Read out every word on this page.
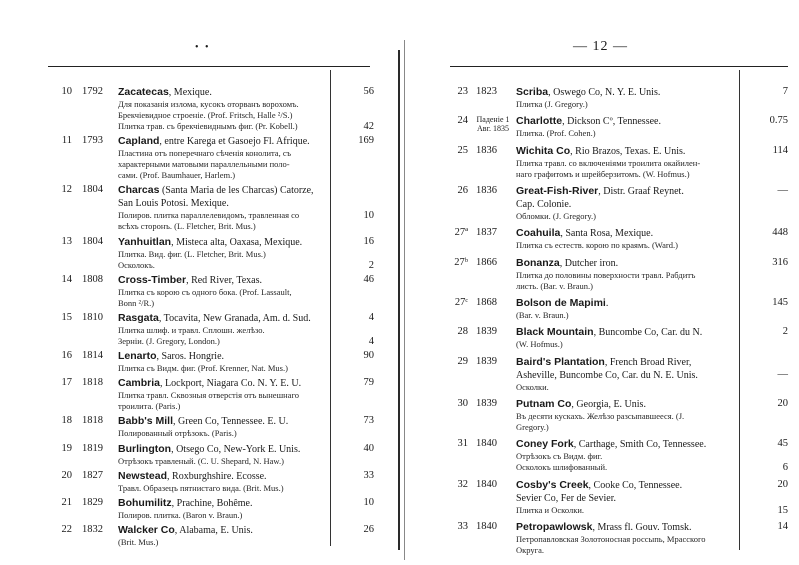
• •
10 1792 Zacatecas, Mexique.
Для показанія излома, кусокъ оторванъ ворохомъ.
Брекчіевидное строеніе. (Prof. Fritsch, Halle ²/S.)
Плитка трав. съ брекчіевиднымъ фиг. (Pr. Kobell.)
56
42
11 1793 Capland, entre Karega et Gasoejo Fl. Afrique.
Пластина отъ поперечнаго сѣченія конолита, съ
характерными матовыми параллельными поло-
сами. (Prof. Baumhauer, Harlem.)
169
12 1804 Charcas (Santa Maria de les Charcas) Catorze,
San Louis Potosi. Mexique.
Полиров. плитка параллелевидомъ, травленная со
всѣхъ сторонъ. (L. Fletcher, Brit. Mus.)
10
13 1804 Yanhuitlan, Misteca alta, Oaxasa, Mexique.
Плитка. Вид. фиг. (L. Fletcher, Brit. Mus.)
Осколокъ.
16
2
14 1808 Cross-Timber, Red River, Texas.
Плитка съ корою съ одного бока. (Prof. Lassault,
Bonn ²/R.)
46
15 1810 Rasgata, Tocavita, New Granada, Am. d. Sud.
Плитка шлиф. и травл. Сплошн. желѣзо.
Зерніи. (J. Gregory, London.)
4
4
16 1814 Lenarto, Saros. Hongrie.
Плитка съ Видм. фиг. (Prof. Krenner, Nat. Mus.)
90
17 1818 Cambria, Lockport, Niagara Co. N. Y. E. U.
Плитка травл. Сквозныя отверстія отъ вынешнаго
троилита. (Paris.)
79
18 1818 Babb's Mill, Green Co, Tennessee. E. U.
Полированный отрѣзокъ. (Paris.)
73
19 1819 Burlington, Otsego Co, New-York E. Unis.
Отрѣзокъ травленый. (C. U. Shepard, N. Haw.)
40
20 1827 Newstead, Roxburghshire. Ecosse.
Травл. Образецъ пятнистаго вида. (Brit. Mus.)
33
21 1829 Bohumilitz, Prachine, Bohême.
Полиров. плитка. (Baron v. Braun.)
10
22 1832 Walcker Co, Alabama, E. Unis.
(Brit. Mus.)
26
— 12 —
23 1823 Scriba, Oswego Co, N. Y. E. Unis.
Плитка (J. Gregory.)
7
24 Паденіе 1 Авг. 1835
Charlotte, Dickson Cº, Tennessee.
Плитка. (Prof. Cohen.)
0.75
25 1836 Wichita Co, Rio Brazos, Texas. E. Unis.
Плитка травл. со включеніями троилита окайилен-
наго графитомъ и шрейберзитомъ. (W. Hofmus.)
114
26 1836 Great-Fish-River, Distr. Graaf Reynet.
Cap. Colonie.
Обломки. (J. Gregory.)
—
27ª 1837 Coahuila, Santa Rosa, Mexique.
Плитка съ естеств. корою по краямъ. (Ward.)
448
27ᵇ 1866 Bonanza, Dutcher iron.
Плитка до половины поверхности травл. Рабдитъ
листь. (Bar. v. Braun.)
316
27ᶜ 1868 Bolson de Mapimi.
(Bar. v. Braun.)
145
28 1839 Black Mountain, Buncombe Co, Car. du N.
(W. Hofmus.)
2
29 1839 Baird's Plantation, French Broad River,
Asheville, Buncombe Co, Car. du N. E. Unis.
Осколки.
—
30 1839 Putnam Co, Georgia, E. Unis.
Въ десяти кускахъ. Желѣзо разсыпавшееся. (J.
Gregory.)
20
31 1840 Coney Fork, Carthage, Smith Co, Tennessee.
Отрѣзокъ съ Видм. фиг.
Осколокъ шлифованный.
45
6
32 1840 Cosby's Creek, Cooke Co, Tennessee.
Sevier Co, Fer de Sevier.
Плитка и Осколки.
20
15
33 1840 Petropawlowsk, Mrass fl. Gouv. Tomsk.
Петропавловская Золотоносная россыпь, Мрасского
Округа.
14
